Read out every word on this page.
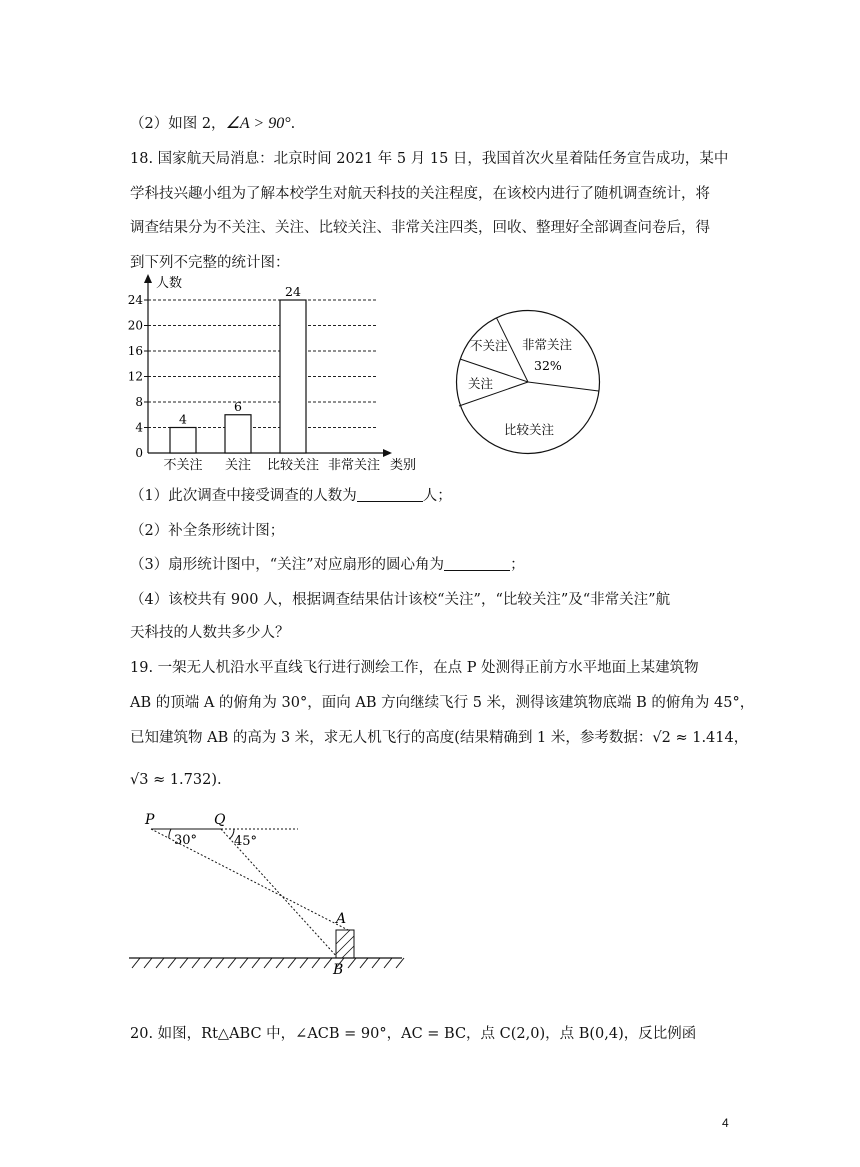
（2）如图 2，∠A > 90°.
18. 国家航天局消息：北京时间 2021 年 5 月 15 日，我国首次火星着陆任务宣告成功，某中
学科技兴趣小组为了解本校学生对航天科技的关注程度，在该校内进行了随机调查统计，将
调查结果分为不关注、关注、比较关注、非常关注四类，回收、整理好全部调查问卷后，得
到下列不完整的统计图：
人数
类别
0
4
8
12
16
20
24
4
6
24
不关注 关注 比较关注 非常关注
非常关注
32%
比较关注
关注
不关注
（1）此次调查中接受调查的人数为	人；
（2）补全条形统计图；
（3）扇形统计图中，“关注”对应扇形的圆心角为	；
（4）该校共有 900 人，根据调查结果估计该校“关注”，“比较关注”及“非常关注”航
天科技的人数共多少人？
19. 一架无人机沿水平直线飞行进行测绘工作，在点 P 处测得正前方水平地面上某建筑物
AB 的顶端 A 的俯角为 30°，面向 AB 方向继续飞行 5 米，测得该建筑物底端 B 的俯角为 45°，
已知建筑物 AB 的高为 3 米，求无人机飞行的高度(结果精确到 1 米，参考数据：√2 ≈ 1.414，
√3 ≈ 1.732).
P	Q
30°	45°
A
B
20. 如图，Rt△ABC 中，∠ACB = 90°，AC = BC，点 C(2,0)，点 B(0,4)，反比例函
4
